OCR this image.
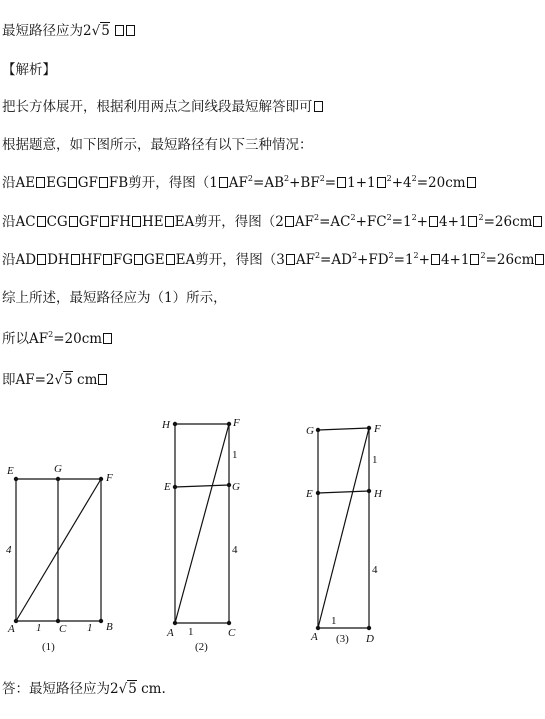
最短路径应为2√5
【解析】
把长方体展开，根据利用两点之间线段最短解答即可
根据题意，如下图所示，最短路径有以下三种情况：
沿AE EG GF FB剪开，得图（1 $AF^2=AB^2+BF^2= 1+1$ $^2+4^2=20cm$
沿AC CG GF FH HE EA剪开，得图（2 $AF^2=AC^2+FC^2=1^2+ 4+1$ $^2$=26cm
沿AD DH HF FG GE EA剪开，得图（3 $AF^2=AD^2+FD^2=1^2+ 4+1$ $^2$=26cm
综上所述，最短路径应为（1）所示，
所以$AF^2=20cm$
即AF=2√5 cm
E	G
F
4
A 1 C 1 B
(1)
H	F
1
E	G
4
A 1	C
(2)
G	F
1
E	H
4
1
A (3) D
答：最短路径应为2√5 cm.
